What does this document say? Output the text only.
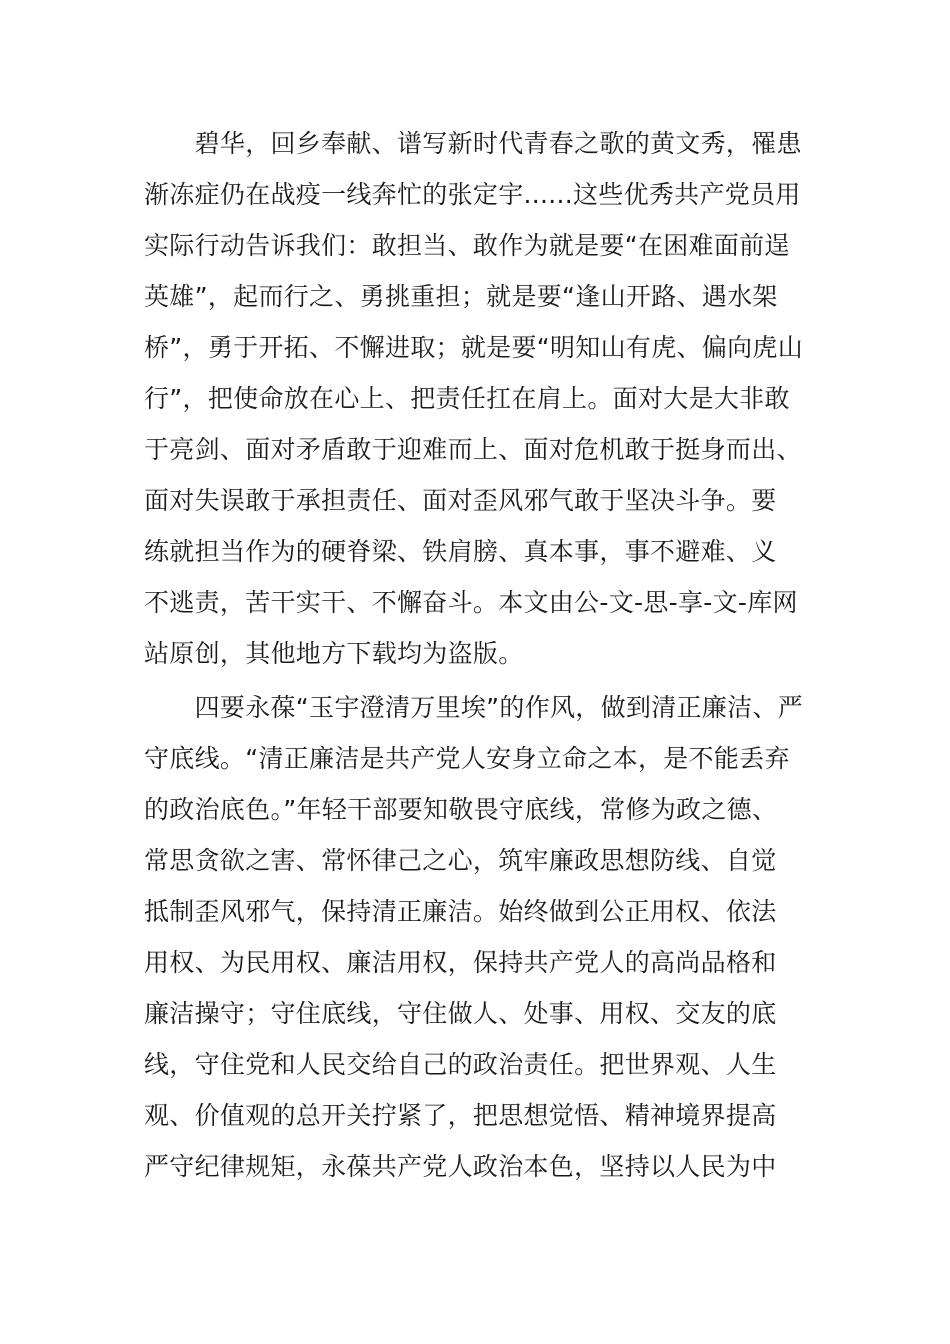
　　碧华，回乡奉献、谱写新时代青春之歌的黄文秀，罹患
渐冻症仍在战疫一线奔忙的张定宇......这些优秀共产党员用
实际行动告诉我们：敢担当、敢作为就是要“在困难面前逞
英雄”，起而行之、勇挑重担；就是要“逢山开路、遇水架
桥”，勇于开拓、不懈进取；就是要“明知山有虎、偏向虎山
行”，把使命放在心上、把责任扛在肩上。面对大是大非敢
于亮剑、面对矛盾敢于迎难而上、面对危机敢于挺身而出、
面对失误敢于承担责任、面对歪风邪气敢于坚决斗争。要
练就担当作为的硬脊梁、铁肩膀、真本事，事不避难、义
不逃责，苦干实干、不懈奋斗。本文由公-文-思-享-文-库网
站原创，其他地方下载均为盗版。
　　四要永葆“玉宇澄清万里埃”的作风，做到清正廉洁、严
守底线。“清正廉洁是共产党人安身立命之本，是不能丢弃
的政治底色。”年轻干部要知敬畏守底线，常修为政之德、
常思贪欲之害、常怀律己之心，筑牢廉政思想防线、自觉
抵制歪风邪气，保持清正廉洁。始终做到公正用权、依法
用权、为民用权、廉洁用权，保持共产党人的高尚品格和
廉洁操守；守住底线，守住做人、处事、用权、交友的底
线，守住党和人民交给自己的政治责任。把世界观、人生
观、价值观的总开关拧紧了，把思想觉悟、精神境界提高
严守纪律规矩，永葆共产党人政治本色，坚持以人民为中
